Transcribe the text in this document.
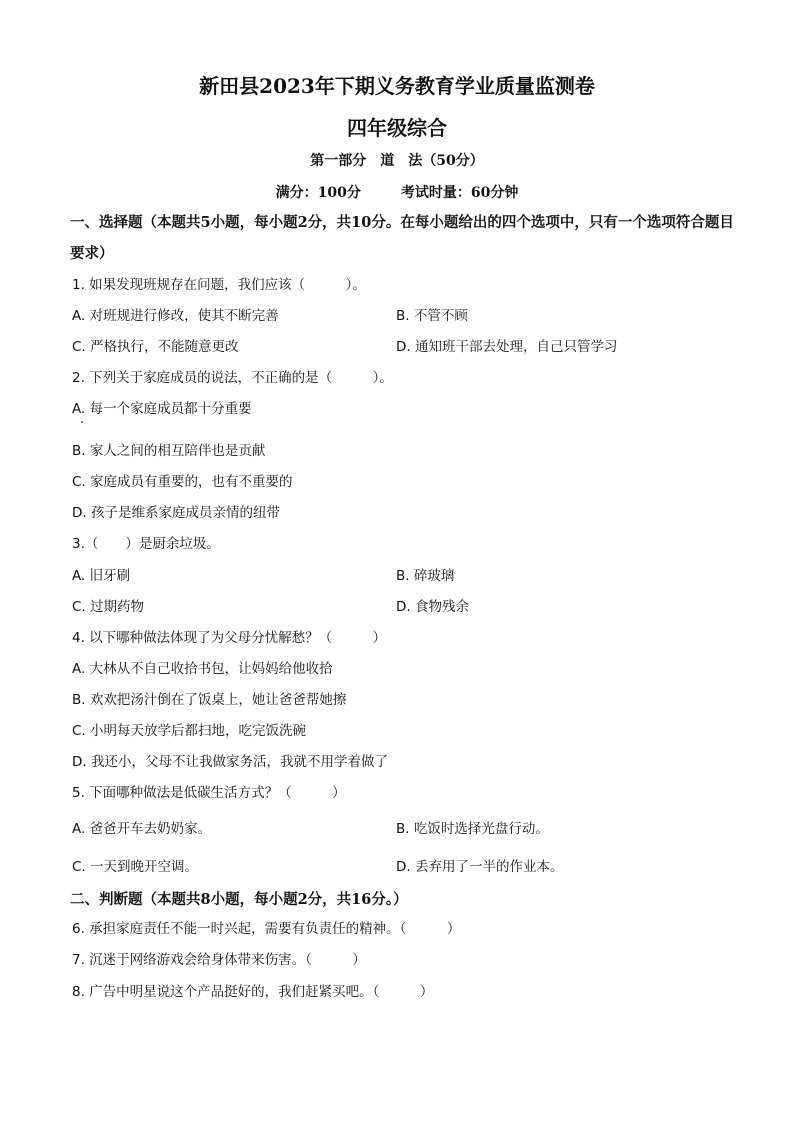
新田县2023年下期义务教育学业质量监测卷
四年级综合
第一部分　道　法（50分）
满分：100分	考试时量：60分钟
一、选择题（本题共5小题，每小题2分，共10分。在每小题给出的四个选项中，只有一个选项符合题目要求）
1. 如果发现班规存在问题，我们应该（　　　）。
A. 对班规进行修改，使其不断完善	B. 不管不顾
C. 严格执行，不能随意更改	D. 通知班干部去处理，自己只管学习
2. 下列关于家庭成员的说法，不正确的是（　　　）。
A. 每一个家庭成员都十分重要
B. 家人之间的相互陪伴也是贡献
C. 家庭成员有重要的，也有不重要的
D. 孩子是维系家庭成员亲情的纽带
3.（　　）是厨余垃圾。
A. 旧牙刷	B. 碎玻璃
C. 过期药物	D. 食物残余
4. 以下哪种做法体现了为父母分忧解愁？（　　　）
A. 大林从不自己收拾书包，让妈妈给他收拾
B. 欢欢把汤汁倒在了饭桌上，她让爸爸帮她擦
C. 小明每天放学后都扫地，吃完饭洗碗
D. 我还小，父母不让我做家务活，我就不用学着做了
5. 下面哪种做法是低碳生活方式？（　　　）
A. 爸爸开车去奶奶家。	B. 吃饭时选择光盘行动。
C. 一天到晚开空调。	D. 丢弃用了一半的作业本。
二、判断题（本题共8小题，每小题2分，共16分。）
6. 承担家庭责任不能一时兴起，需要有负责任的精神。（　　　）
7. 沉迷于网络游戏会给身体带来伤害。（　　　）
8. 广告中明星说这个产品挺好的，我们赶紧买吧。（　　　）
